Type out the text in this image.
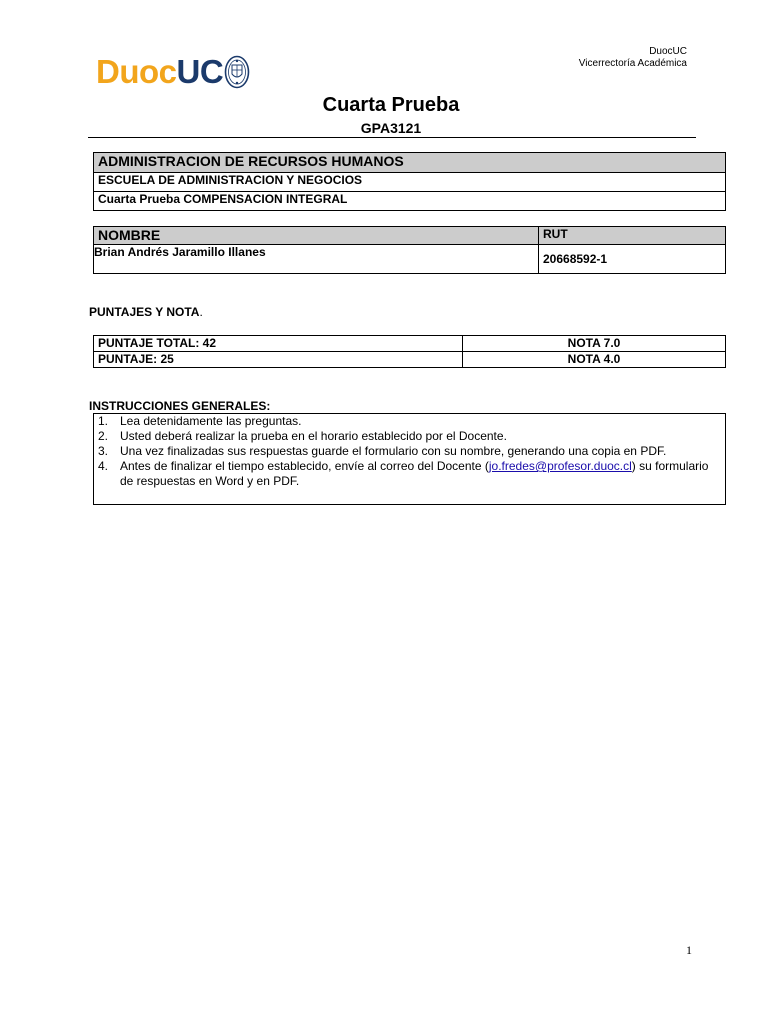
Duoc UC
DuocUC
Vicerrectoría Académica
Cuarta Prueba
GPA3121
ADMINISTRACION DE RECURSOS HUMANOS
ESCUELA DE ADMINISTRACION Y NEGOCIOS
Cuarta Prueba COMPENSACION INTEGRAL
NOMBRE	RUT
Brian Andrés Jaramillo Illanes	20668592-1
PUNTAJES Y NOTA.
PUNTAJE TOTAL: 42	NOTA 7.0
PUNTAJE: 25	NOTA 4.0
INSTRUCCIONES GENERALES:
1. Lea detenidamente las preguntas.
2. Usted deberá realizar la prueba en el horario establecido por el Docente.
3. Una vez finalizadas sus respuestas guarde el formulario con su nombre, generando una copia en PDF.
4. Antes de finalizar el tiempo establecido, envíe al correo del Docente (jo.fredes@profesor.duoc.cl) su formulario de respuestas en Word y en PDF.
1
